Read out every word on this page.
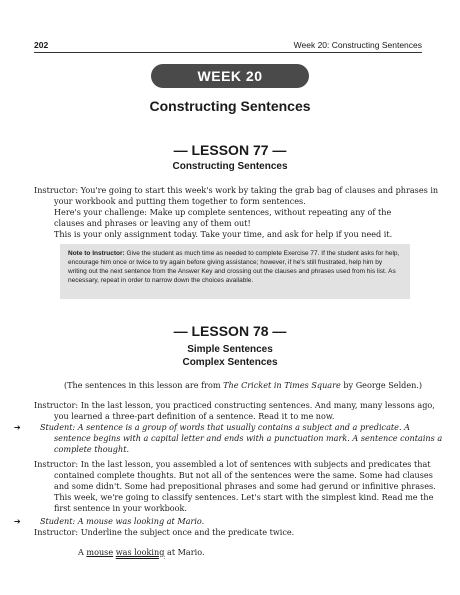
202	Week 20: Constructing Sentences
WEEK 20
Constructing Sentences
— LESSON 77 —
Constructing Sentences
Instructor: You're going to start this week's work by taking the grab bag of clauses and phrases in your workbook and putting them together to form sentences.
Here's your challenge: Make up complete sentences, without repeating any of the clauses and phrases or leaving any of them out!
This is your only assignment today. Take your time, and ask for help if you need it.
Note to Instructor: Give the student as much time as needed to complete Exercise 77. If the student asks for help, encourage him once or twice to try again before giving assistance; however, if he's still frustrated, help him by writing out the next sentence from the Answer Key and crossing out the clauses and phrases used from his list. As necessary, repeat in order to narrow down the choices available.
— LESSON 78 —
Simple Sentences
Complex Sentences
(The sentences in this lesson are from The Cricket in Times Square by George Selden.)
Instructor: In the last lesson, you practiced constructing sentences. And many, many lessons ago, you learned a three-part definition of a sentence. Read it to me now.
➔ Student: A sentence is a group of words that usually contains a subject and a predicate. A sentence begins with a capital letter and ends with a punctuation mark. A sentence contains a complete thought.
Instructor: In the last lesson, you assembled a lot of sentences with subjects and predicates that contained complete thoughts. But not all of the sentences were the same. Some had clauses and some didn't. Some had prepositional phrases and some had gerund or infinitive phrases. This week, we're going to classify sentences. Let's start with the simplest kind. Read me the first sentence in your workbook.
➔ Student: A mouse was looking at Mario.
Instructor: Underline the subject once and the predicate twice.
A mouse was looking at Mario.
